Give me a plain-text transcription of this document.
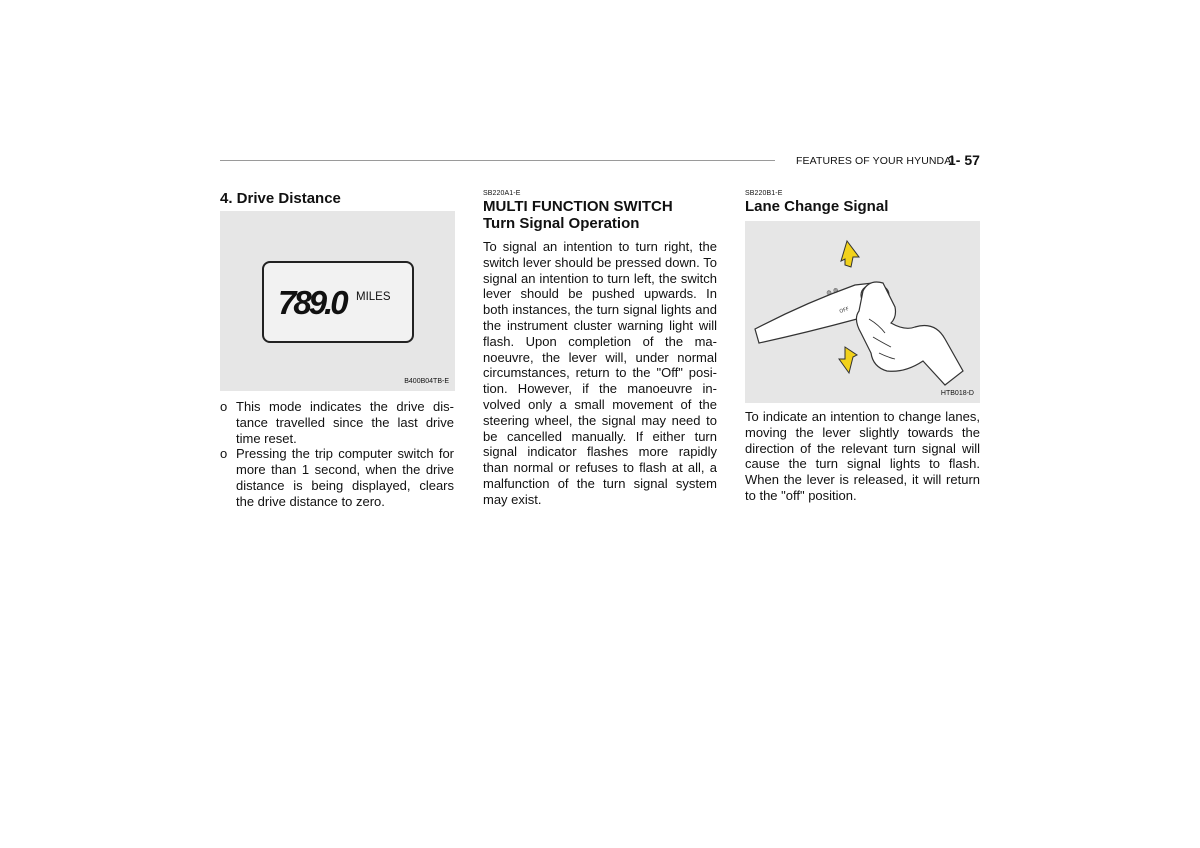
FEATURES OF YOUR HYUNDAI
1- 57
4. Drive Distance
789.0 MILES
B400B04TB-E
o This mode indicates the drive dis-tance travelled since the last drive time reset.
o Pressing the trip computer switch for more than 1 second, when the drive distance is being displayed, clears the drive distance to zero.
SB220A1-E
MULTI FUNCTION SWITCH
Turn Signal Operation
To signal an intention to turn right, the switch lever should be pressed down. To signal an intention to turn left, the switch lever should be pushed upwards. In both instances, the turn signal lights and the instrument cluster warning light will flash. Upon completion of the ma-noeuvre, the lever will, under normal circumstances, return to the "Off" posi-tion. However, if the manoeuvre in-volved only a small movement of the steering wheel, the signal may need to be cancelled manually. If either turn signal indicator flashes more rapidly than normal or refuses to flash at all, a malfunction of the turn signal system may exist.
SB220B1-E
Lane Change Signal
◍ ◍
OFF
HTB018-D
To indicate an intention to change lanes, moving the lever slightly towards the direction of the relevant turn signal will cause the turn signal lights to flash. When the lever is released, it will return to the "off" position.
